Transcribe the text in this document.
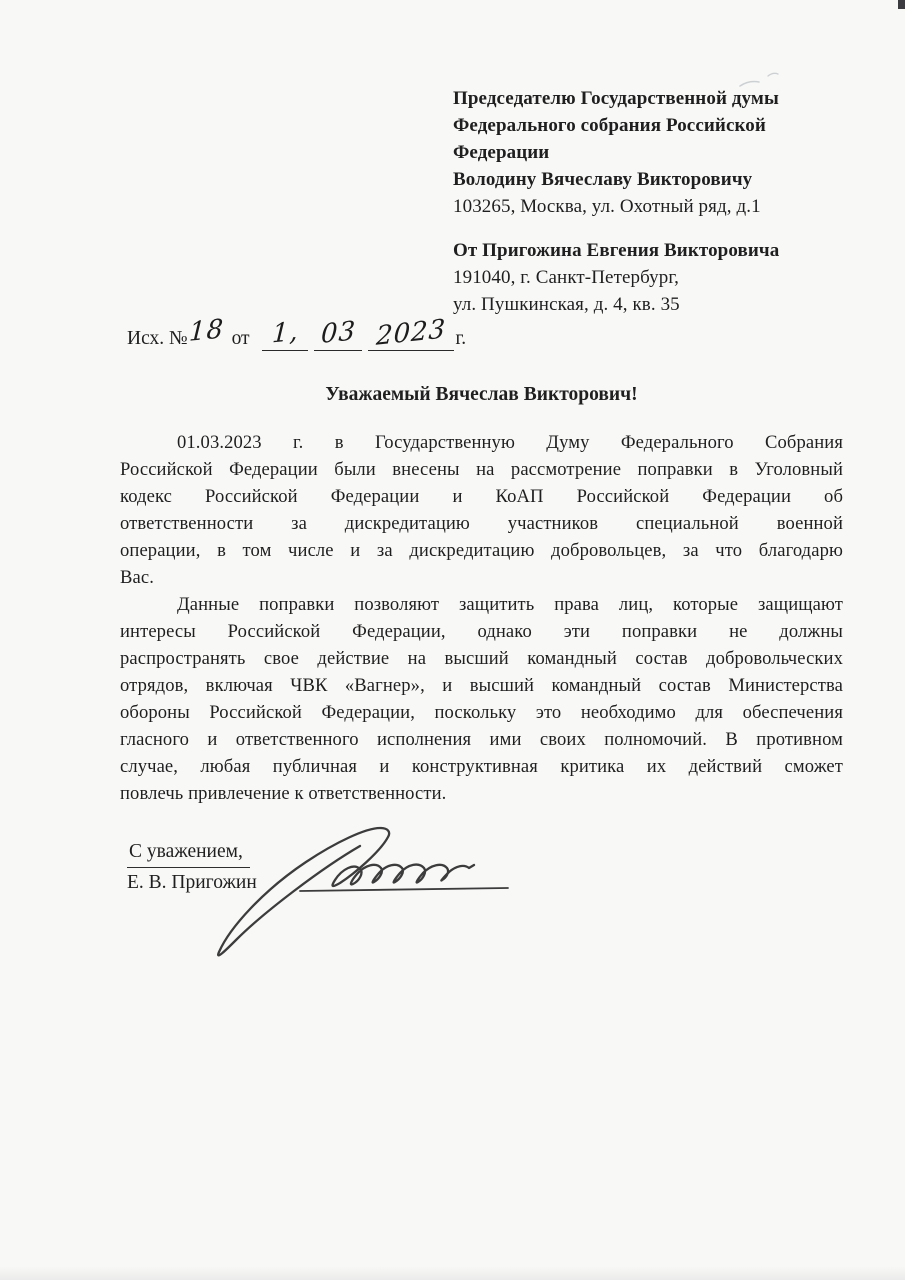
Председателю Государственной думы
Федерального собрания Российской
Федерации
Володину Вячеславу Викторовичу
103265, Москва, ул. Охотный ряд, д.1
От Пригожина Евгения Викторовича
191040, г. Санкт-Петербург,
ул. Пушкинская, д. 4, кв. 35
Исх. №18 от 1, 03 2023 г.
Уважаемый Вячеслав Викторович!
01.03.2023 г. в Государственную Думу Федерального Собрания
Российской Федерации были внесены на рассмотрение поправки в Уголовный
кодекс Российской Федерации и КоАП Российской Федерации об
ответственности за дискредитацию участников специальной военной
операции, в том числе и за дискредитацию добровольцев, за что благодарю
Вас.
Данные поправки позволяют защитить права лиц, которые защищают
интересы Российской Федерации, однако эти поправки не должны
распространять свое действие на высший командный состав добровольческих
отрядов, включая ЧВК «Вагнер», и высший командный состав Министерства
обороны Российской Федерации, поскольку это необходимо для обеспечения
гласного и ответственного исполнения ими своих полномочий. В противном
случае, любая публичная и конструктивная критика их действий сможет
повлечь привлечение к ответственности.
С уважением,
Е. В. Пригожин
